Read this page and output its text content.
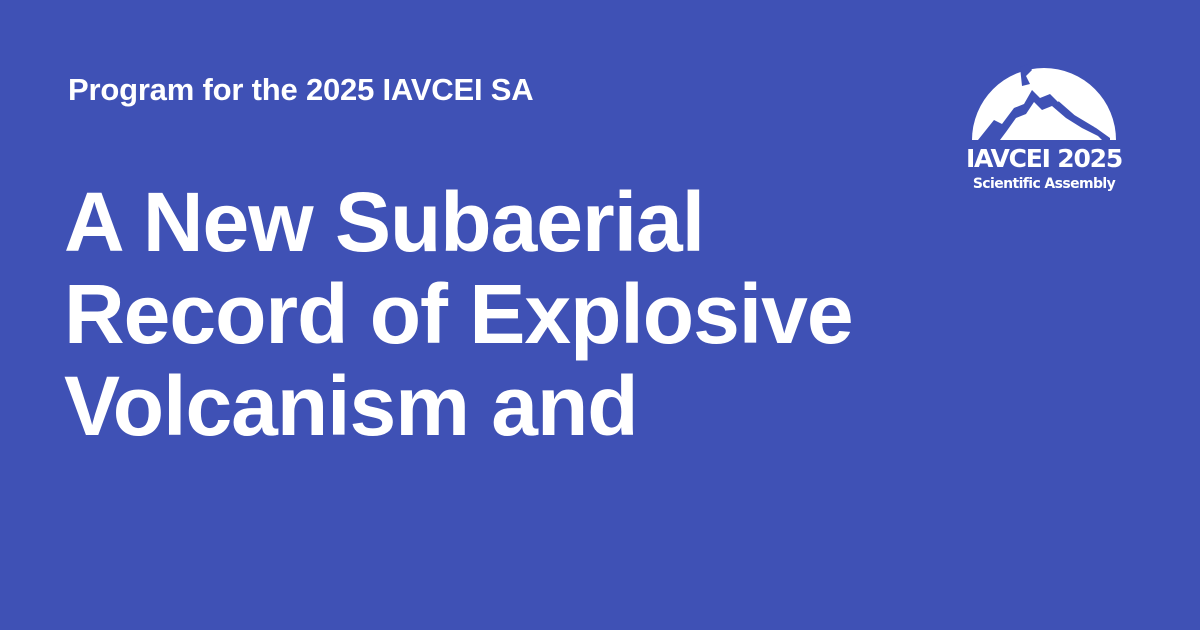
Program for the 2025 IAVCEI SA

A New Subaerial
Record of Explosive
Volcanism and
IAVCEI 2025
Scientific Assembly
